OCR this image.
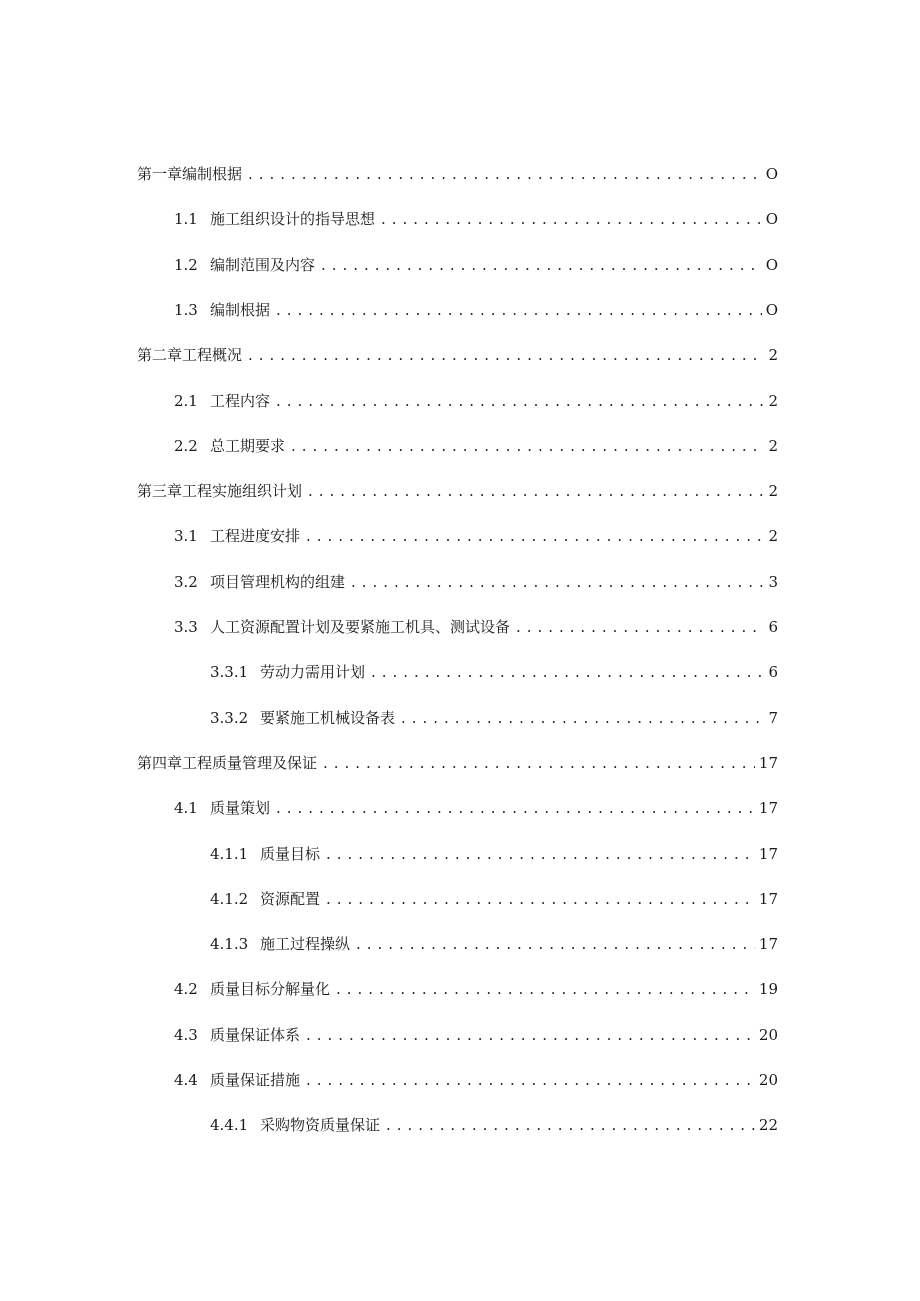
第一章编制根据 . . .	O
1.1 施工组织设计的指导思想 . . .	O
1.2 编制范围及内容 . . .	O
1.3 编制根据 . . .	O
第二章工程概况 . . .	2
2.1 工程内容 . . .	2
2.2 总工期要求 . . .	2
第三章工程实施组织计划 . . .	2
3.1 工程进度安排 . . .	2
3.2 项目管理机构的组建 . . .	3
3.3 人工资源配置计划及要紧施工机具、测试设备 . . .	6
3.3.1 劳动力需用计划 . . .	6
3.3.2 要紧施工机械设备表 . . .	7
第四章工程质量管理及保证 . . .	17
4.1 质量策划 . . .	17
4.1.1 质量目标 . . .	17
4.1.2 资源配置 . . .	17
4.1.3 施工过程操纵 . . .	17
4.2 质量目标分解量化 . . .	19
4.3 质量保证体系 . . .	20
4.4 质量保证措施 . . .	20
4.4.1 采购物资质量保证 . . .	22
